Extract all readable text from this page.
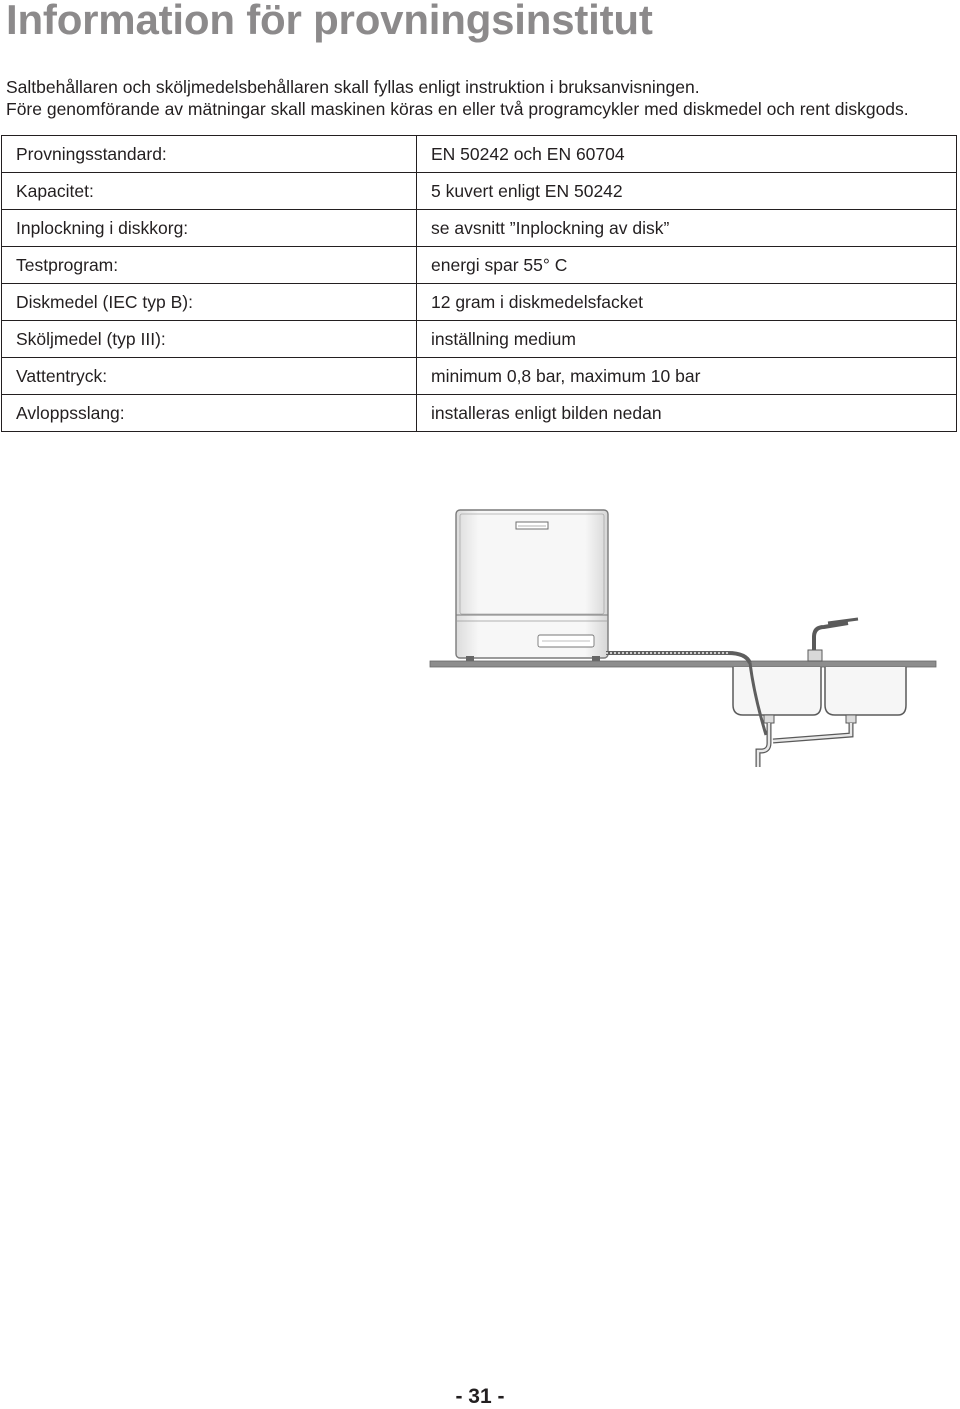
Information för provningsinstitut

Saltbehållaren och sköljmedelsbehållaren skall fyllas enligt instruktion i bruksanvisningen.

Före genomförande av mätningar skall maskinen köras en eller två programcykler med diskmedel och rent diskgods.

Provningsstandard:	EN 50242 och EN 60704
Kapacitet:	5 kuvert enligt EN 50242
Inplockning i diskkorg:	se avsnitt ”Inplockning av disk”
Testprogram:	energi spar 55° C
Diskmedel (IEC typ B):	12 gram i diskmedelsfacket
Sköljmedel (typ III):	inställning medium
Vattentryck:	minimum 0,8 bar, maximum 10 bar
Avloppsslang:	installeras enligt bilden nedan

- 31 -
